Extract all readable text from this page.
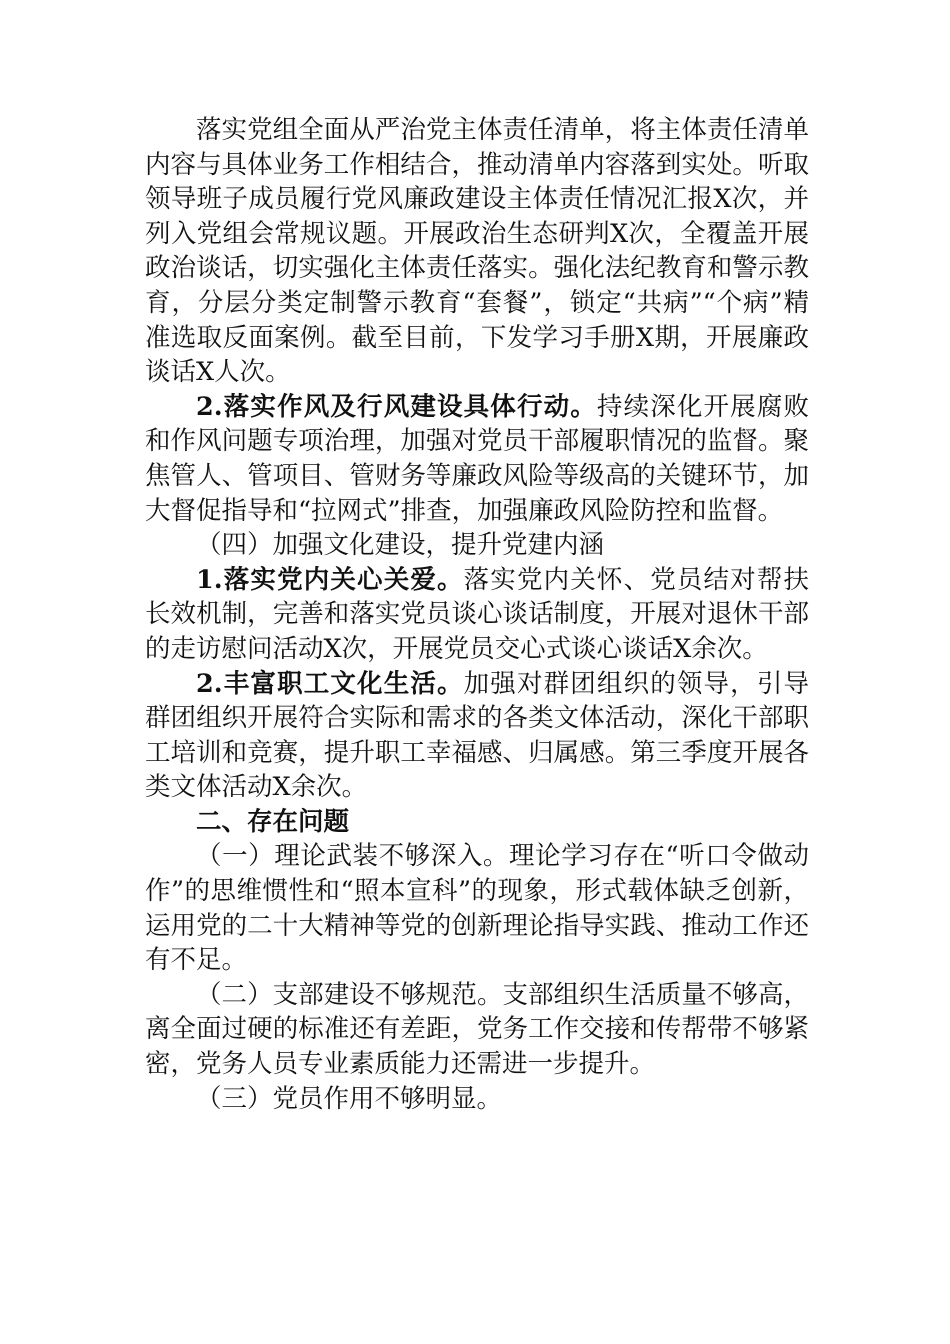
落实党组全面从严治党主体责任清单，将主体责任清单内容与具体业务工作相结合，推动清单内容落到实处。听取领导班子成员履行党风廉政建设主体责任情况汇报X次，并列入党组会常规议题。开展政治生态研判X次，全覆盖开展政治谈话，切实强化主体责任落实。强化法纪教育和警示教育，分层分类定制警示教育“套餐”，锁定“共病”“个病”精准选取反面案例。截至目前，下发学习手册X期，开展廉政谈话X人次。

2.落实作风及行风建设具体行动。持续深化开展腐败和作风问题专项治理，加强对党员干部履职情况的监督。聚焦管人、管项目、管财务等廉政风险等级高的关键环节，加大督促指导和“拉网式”排查，加强廉政风险防控和监督。

（四）加强文化建设，提升党建内涵

1.落实党内关心关爱。落实党内关怀、党员结对帮扶长效机制，完善和落实党员谈心谈话制度，开展对退休干部的走访慰问活动X次，开展党员交心式谈心谈话X余次。

2.丰富职工文化生活。加强对群团组织的领导，引导群团组织开展符合实际和需求的各类文体活动，深化干部职工培训和竞赛，提升职工幸福感、归属感。第三季度开展各类文体活动X余次。

二、存在问题

（一）理论武装不够深入。理论学习存在“听口令做动作”的思维惯性和“照本宣科”的现象，形式载体缺乏创新，运用党的二十大精神等党的创新理论指导实践、推动工作还有不足。

（二）支部建设不够规范。支部组织生活质量不够高，离全面过硬的标准还有差距，党务工作交接和传帮带不够紧密，党务人员专业素质能力还需进一步提升。

（三）党员作用不够明显。
